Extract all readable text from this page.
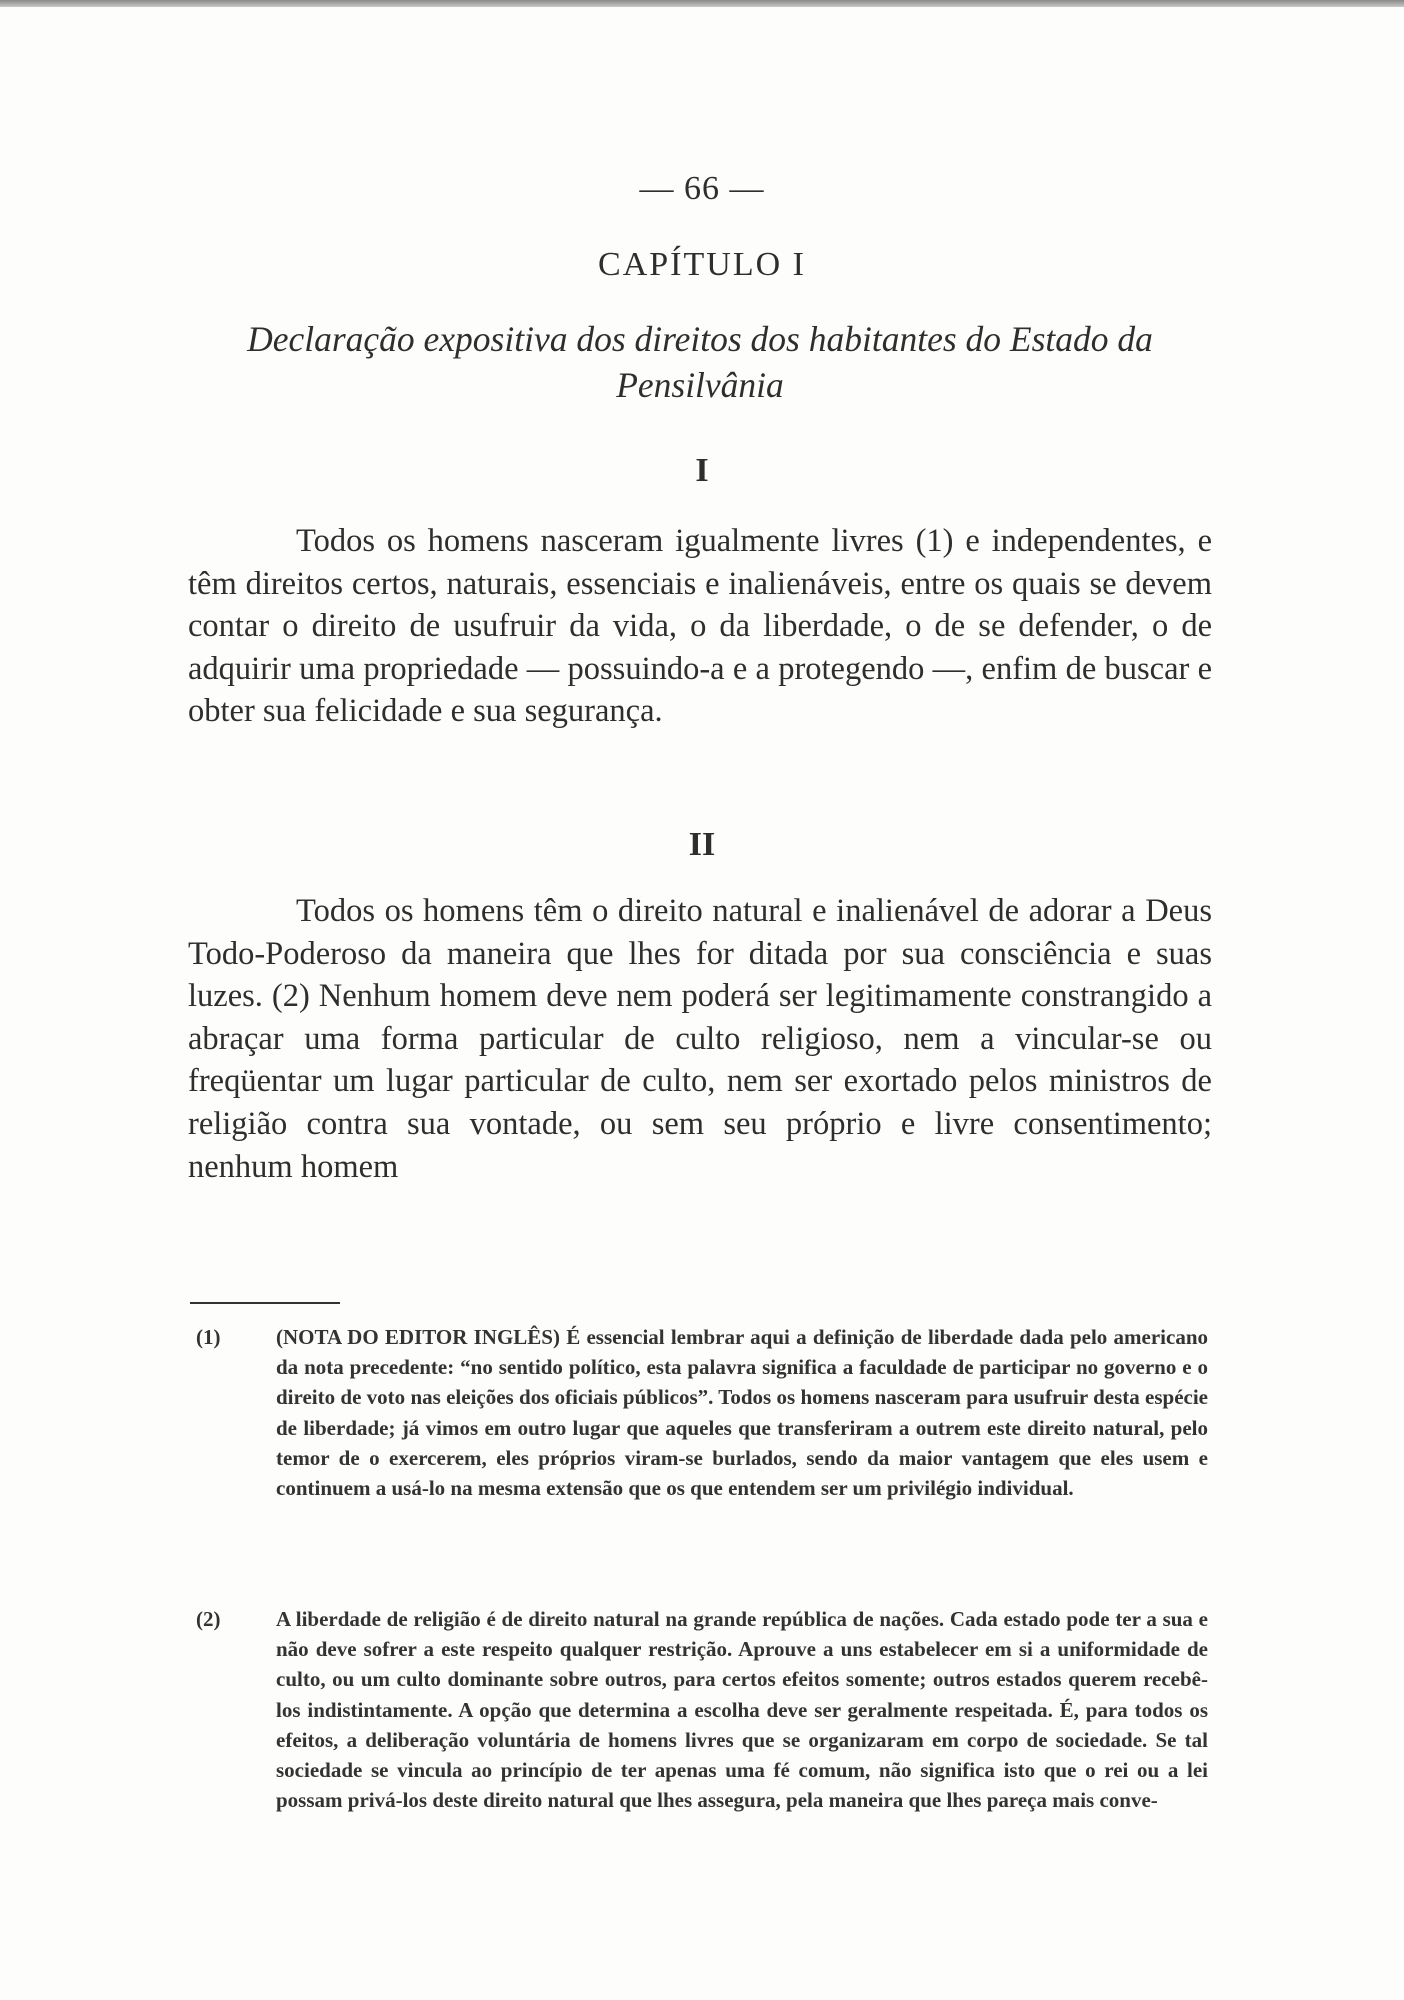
— 66 —
CAPÍTULO I
Declaração expositiva dos direitos dos habitantes do Estado da Pensilvânia
I

Todos os homens nasceram igualmente livres (1) e independentes, e têm direitos certos, naturais, essenciais e inalienáveis, entre os quais se devem contar o direito de usufruir da vida, o da liberdade, o de se defender, o de adquirir uma propriedade — possuindo-a e a protegendo —, enfim de buscar e obter sua felicidade e sua segurança.

II

Todos os homens têm o direito natural e inalienável de adorar a Deus Todo-Poderoso da maneira que lhes for ditada por sua consciência e suas luzes. (2) Nenhum homem deve nem poderá ser legitimamente constrangido a abraçar uma forma particular de culto religioso, nem a vincular-se ou freqüentar um lugar particular de culto, nem ser exortado pelos ministros de religião contra sua vontade, ou sem seu próprio e livre consentimento; nenhum homem

(1)	(NOTA DO EDITOR INGLÊS) É essencial lembrar aqui a definição de liberdade dada pelo americano da nota precedente: “no sentido político, esta palavra significa a faculdade de participar no governo e o direito de voto nas eleições dos oficiais públicos”. Todos os homens nasceram para usufruir desta espécie de liberdade; já vimos em outro lugar que aqueles que transferiram a outrem este direito natural, pelo temor de o exercerem, eles próprios viram-se burlados, sendo da maior vantagem que eles usem e continuem a usá-lo na mesma extensão que os que entendem ser um privilégio individual.

(2)	A liberdade de religião é de direito natural na grande república de nações. Cada estado pode ter a sua e não deve sofrer a este respeito qualquer restrição. Aprouve a uns estabelecer em si a uniformidade de culto, ou um culto dominante sobre outros, para certos efeitos somente; outros estados querem recebê-los indistintamente. A opção que determina a escolha deve ser geralmente respeitada. É, para todos os efeitos, a deliberação voluntária de homens livres que se organizaram em corpo de sociedade. Se tal sociedade se vincula ao princípio de ter apenas uma fé comum, não significa isto que o rei ou a lei possam privá-los deste direito natural que lhes assegura, pela maneira que lhes pareça mais conve-
